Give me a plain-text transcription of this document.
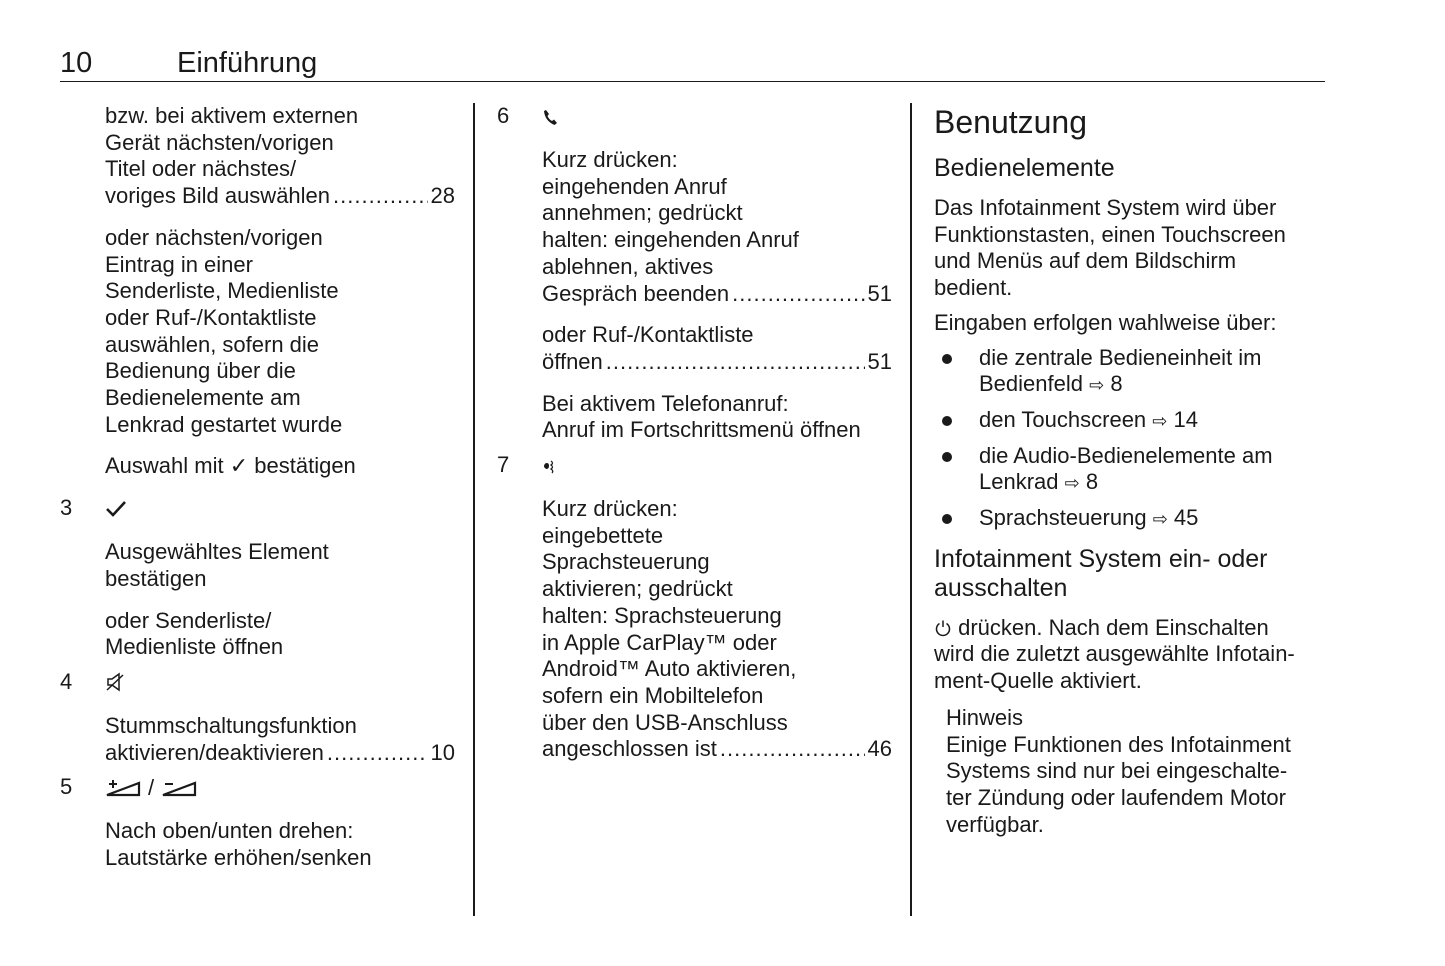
10	Einführung
bzw. bei aktivem externen
Gerät nächsten/vorigen
Titel oder nächstes/
voriges Bild auswählen .....	28
oder nächsten/vorigen
Eintrag in einer
Senderliste, Medienliste
oder Ruf-/Kontaktliste
auswählen, sofern die
Bedienung über die
Bedienelemente am
Lenkrad gestartet wurde
Auswahl mit ✓ bestätigen
3
Ausgewähltes Element
bestätigen
oder Senderliste/
Medienliste öffnen
4
Stummschaltungsfunktion
aktivieren/deaktivieren .....	10
5	/
Nach oben/unten drehen:
Lautstärke erhöhen/senken
6
Kurz drücken:
eingehenden Anruf
annehmen; gedrückt
halten: eingehenden Anruf
ablehnen, aktives
Gespräch beenden .....	51
oder Ruf-/Kontaktliste
öffnen .....	51
Bei aktivem Telefonanruf:
Anruf im Fortschrittsmenü öffnen
7
Kurz drücken:
eingebettete
Sprachsteuerung
aktivieren; gedrückt
halten: Sprachsteuerung
in Apple CarPlay™ oder
Android™ Auto aktivieren,
sofern ein Mobiltelefon
über den USB-Anschluss
angeschlossen ist .....	46
Benutzung
Bedienelemente
Das Infotainment System wird über
Funktionstasten, einen Touchscreen
und Menüs auf dem Bildschirm
bedient.
Eingaben erfolgen wahlweise über:
die zentrale Bedieneinheit im
Bedienfeld ⇨ 8
den Touchscreen ⇨ 14
die Audio-Bedienelemente am
Lenkrad ⇨ 8
Sprachsteuerung ⇨ 45
Infotainment System ein- oder
ausschalten
drücken. Nach dem Einschalten
wird die zuletzt ausgewählte Infotain-
ment-Quelle aktiviert.
Hinweis
Einige Funktionen des Infotainment
Systems sind nur bei eingeschalte-
ter Zündung oder laufendem Motor
verfügbar.
